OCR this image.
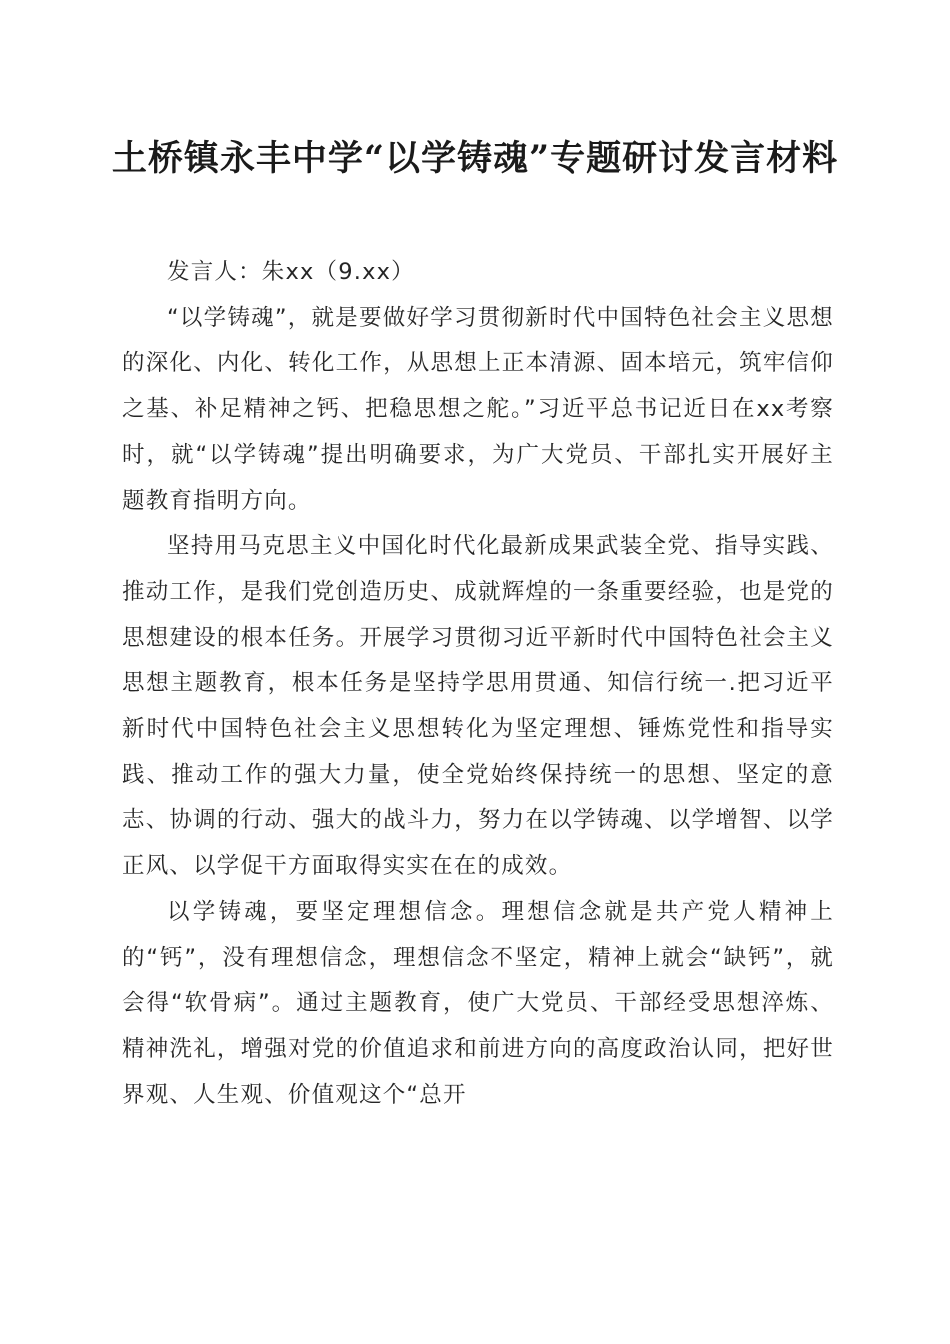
土桥镇永丰中学“以学铸魂”专题研讨发言材料

发言人：朱xx（9.xx）

“以学铸魂”，就是要做好学习贯彻新时代中国特色社会主义思想的深化、内化、转化工作，从思想上正本清源、固本培元，筑牢信仰之基、补足精神之钙、把稳思想之舵。”习近平总书记近日在xx考察时，就“以学铸魂”提出明确要求，为广大党员、干部扎实开展好主题教育指明方向。

坚持用马克思主义中国化时代化最新成果武装全党、指导实践、推动工作，是我们党创造历史、成就辉煌的一条重要经验，也是党的思想建设的根本任务。开展学习贯彻习近平新时代中国特色社会主义思想主题教育，根本任务是坚持学思用贯通、知信行统一.把习近平新时代中国特色社会主义思想转化为坚定理想、锤炼党性和指导实践、推动工作的强大力量，使全党始终保持统一的思想、坚定的意志、协调的行动、强大的战斗力，努力在以学铸魂、以学增智、以学正风、以学促干方面取得实实在在的成效。

以学铸魂，要坚定理想信念。理想信念就是共产党人精神上的“钙”，没有理想信念，理想信念不坚定，精神上就会“缺钙”，就会得“软骨病”。通过主题教育，使广大党员、干部经受思想淬炼、精神洗礼，增强对党的价值追求和前进方向的高度政治认同，把好世界观、人生观、价值观这个“总开
